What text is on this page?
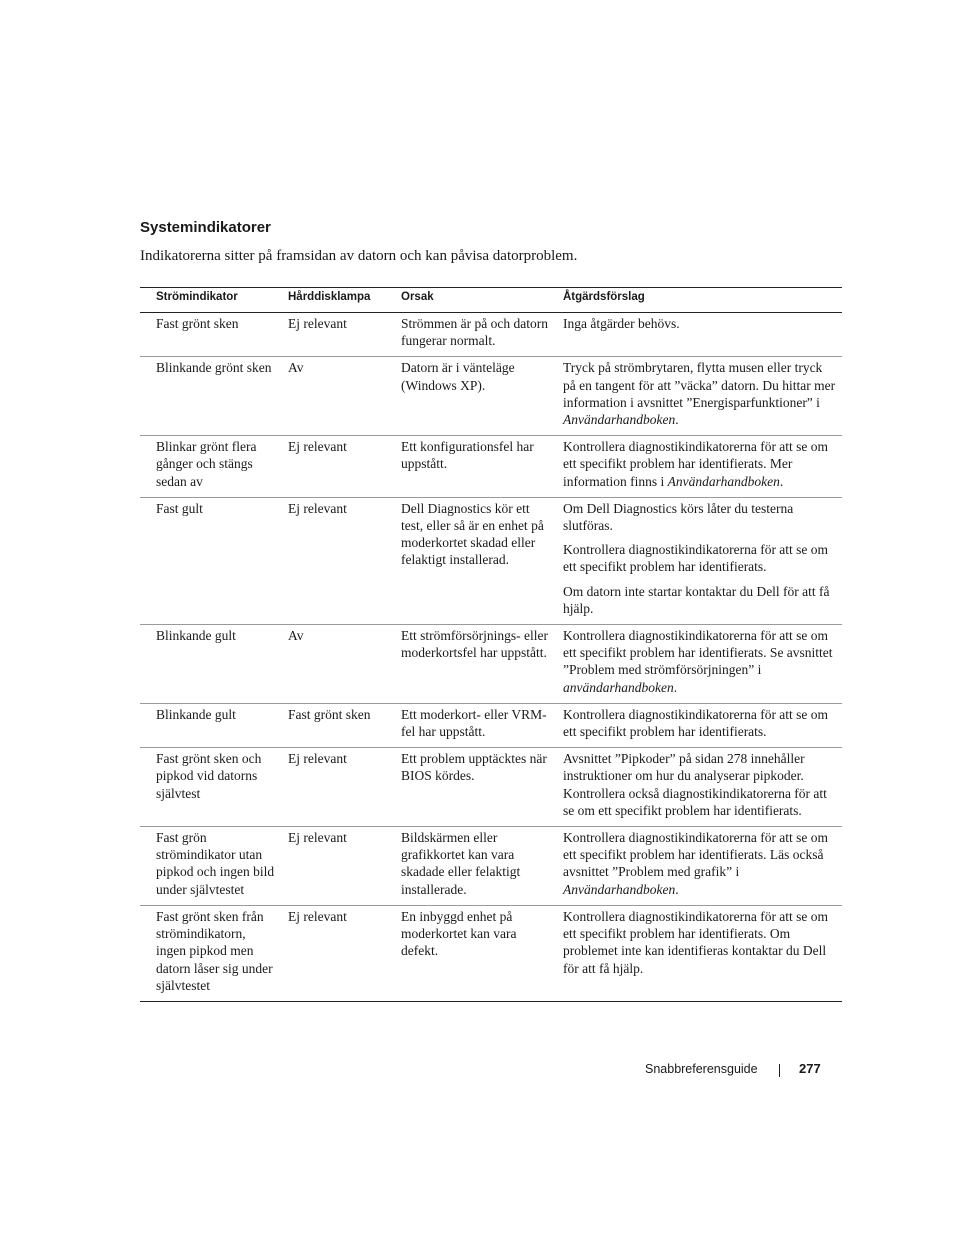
Systemindikatorer

Indikatorerna sitter på framsidan av datorn och kan påvisa datorproblem.

Strömindikator	Hårddisklampa	Orsak	Åtgärdsförslag
Fast grönt sken	Ej relevant	Strömmen är på och datorn fungerar normalt.	Inga åtgärder behövs.

Blinkande grönt sken	Av	Datorn är i vänteläge (Windows XP).	Tryck på strömbrytaren, flytta musen eller tryck på en tangent för att ”väcka” datorn. Du hittar mer information i avsnittet ”Energisparfunktioner” i Användarhandboken.

Blinkar grönt flera gånger och stängs sedan av	Ej relevant	Ett konfigurationsfel har uppstått.	Kontrollera diagnostikindikatorerna för att se om ett specifikt problem har identifierats. Mer information finns i Användarhandboken.

Fast gult	Ej relevant	Dell Diagnostics kör ett test, eller så är en enhet på moderkortet skadad eller felaktigt installerad.	Om Dell Diagnostics körs låter du testerna slutföras.

Kontrollera diagnostikindikatorerna för att se om ett specifikt problem har identifierats.

Om datorn inte startar kontaktar du Dell för att få hjälp.

Blinkande gult	Av	Ett strömförsörjnings- eller moderkortsfel har uppstått.	Kontrollera diagnostikindikatorerna för att se om ett specifikt problem har identifierats. Se avsnittet ”Problem med strömförsörjningen” i användarhandboken.

Blinkande gult	Fast grönt sken	Ett moderkort- eller VRM-fel har uppstått.	Kontrollera diagnostikindikatorerna för att se om ett specifikt problem har identifierats.

Fast grönt sken och pipkod vid datorns självtest	Ej relevant	Ett problem upptäcktes när BIOS kördes.	Avsnittet ”Pipkoder” på sidan 278 innehåller instruktioner om hur du analyserar pipkoder. Kontrollera också diagnostikindikatorerna för att se om ett specifikt problem har identifierats.

Fast grön strömindikator utan pipkod och ingen bild under självtestet	Ej relevant	Bildskärmen eller grafikkortet kan vara skadade eller felaktigt installerade.	Kontrollera diagnostikindikatorerna för att se om ett specifikt problem har identifierats. Läs också avsnittet ”Problem med grafik” i Användarhandboken.

Fast grönt sken från strömindikatorn, ingen pipkod men datorn låser sig under självtestet	Ej relevant	En inbyggd enhet på moderkortet kan vara defekt.	Kontrollera diagnostikindikatorerna för att se om ett specifikt problem har identifierats. Om problemet inte kan identifieras kontaktar du Dell för att få hjälp.

Snabbreferensguide	277
